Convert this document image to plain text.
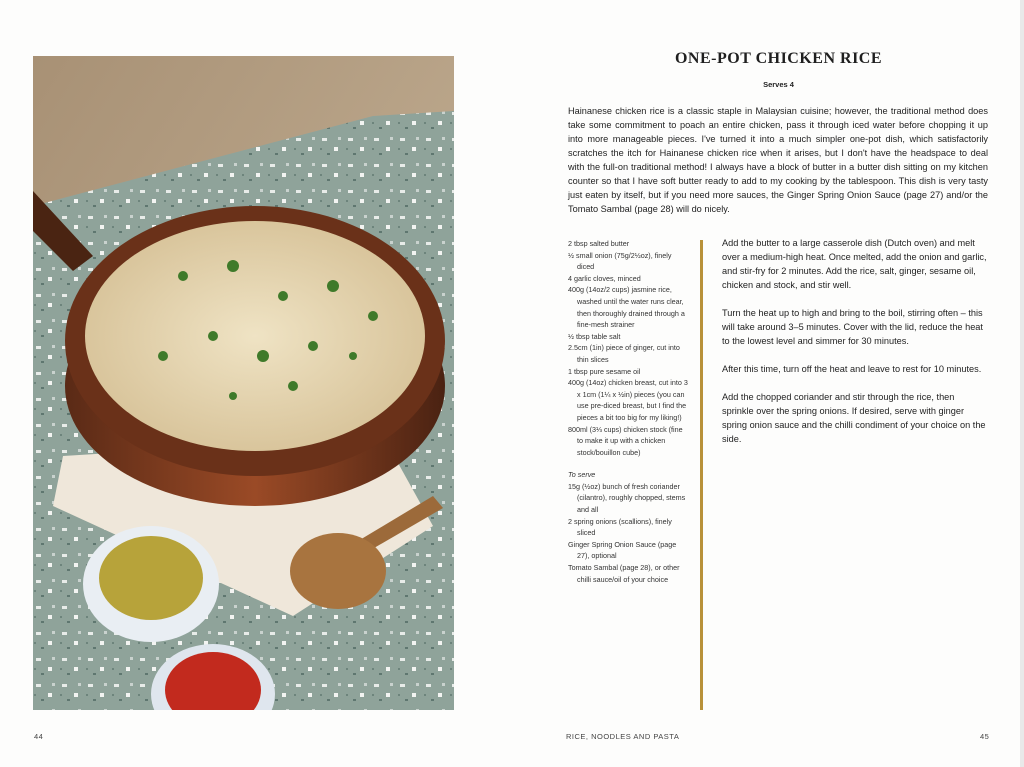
ONE-POT CHICKEN RICE
Serves 4

Hainanese chicken rice is a classic staple in Malaysian cuisine; however, the traditional method does take some commitment to poach an entire chicken, pass it through iced water before chopping it up into more manageable pieces. I've turned it into a much simpler one-pot dish, which satisfactorily scratches the itch for Hainanese chicken rice when it arises, but I don't have the headspace to deal with the full-on traditional method! I always have a block of butter in a butter dish sitting on my kitchen counter so that I have soft butter ready to add to my cooking by the tablespoon. This dish is very tasty just eaten by itself, but if you need more sauces, the Ginger Spring Onion Sauce (page 27) and/or the Tomato Sambal (page 28) will do nicely.

2 tbsp salted butter
½ small onion (75g/2½oz), finely diced
4 garlic cloves, minced
400g (14oz/2 cups) jasmine rice, washed until the water runs clear, then thoroughly drained through a fine-mesh strainer
½ tbsp table salt
2.5cm (1in) piece of ginger, cut into thin slices
1 tbsp pure sesame oil
400g (14oz) chicken breast, cut into 3 x 1cm (1¼ x ½in) pieces (you can use pre-diced breast, but I find the pieces a bit too big for my liking!)
800ml (3⅓ cups) chicken stock (fine to make it up with a chicken stock/bouillon cube)
To serve
15g (½oz) bunch of fresh coriander (cilantro), roughly chopped, stems and all
2 spring onions (scallions), finely sliced
Ginger Spring Onion Sauce (page 27), optional
Tomato Sambal (page 28), or other chilli sauce/oil of your choice

Add the butter to a large casserole dish (Dutch oven) and melt over a medium-high heat. Once melted, add the onion and garlic, and stir-fry for 2 minutes. Add the rice, salt, ginger, sesame oil, chicken and stock, and stir well.

Turn the heat up to high and bring to the boil, stirring often – this will take around 3–5 minutes. Cover with the lid, reduce the heat to the lowest level and simmer for 30 minutes.

After this time, turn off the heat and leave to rest for 10 minutes.

Add the chopped coriander and stir through the rice, then sprinkle over the spring onions. If desired, serve with ginger spring onion sauce and the chilli condiment of your choice on the side.

44	RICE, NOODLES AND PASTA	45
